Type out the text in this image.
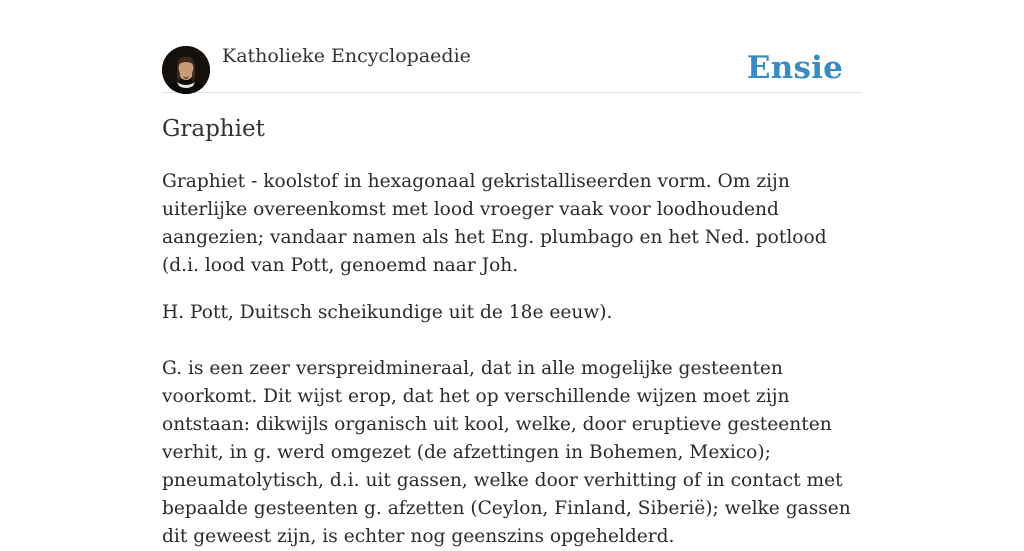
Katholieke Encyclopaedie	Ensie
Graphiet

Graphiet - koolstof in hexagonaal gekristalliseerden vorm. Om zijn uiterlijke overeenkomst met lood vroeger vaak voor loodhoudend aangezien; vandaar namen als het Eng. plumbago en het Ned. potlood (d.i. lood van Pott, genoemd naar Joh.

H. Pott, Duitsch scheikundige uit de 18e eeuw).

G. is een zeer verspreidmineraal, dat in alle mogelijke gesteenten voorkomt. Dit wijst erop, dat het op verschillende wijzen moet zijn ontstaan: dikwijls organisch uit kool, welke, door eruptieve gesteenten verhit, in g. werd omgezet (de afzettingen in Bohemen, Mexico); pneumatolytisch, d.i. uit gassen, welke door verhitting of in contact met bepaalde gesteenten g. afzetten (Ceylon, Finland, Siberië); welke gassen dit geweest zijn, is echter nog geenszins opgehelderd.
